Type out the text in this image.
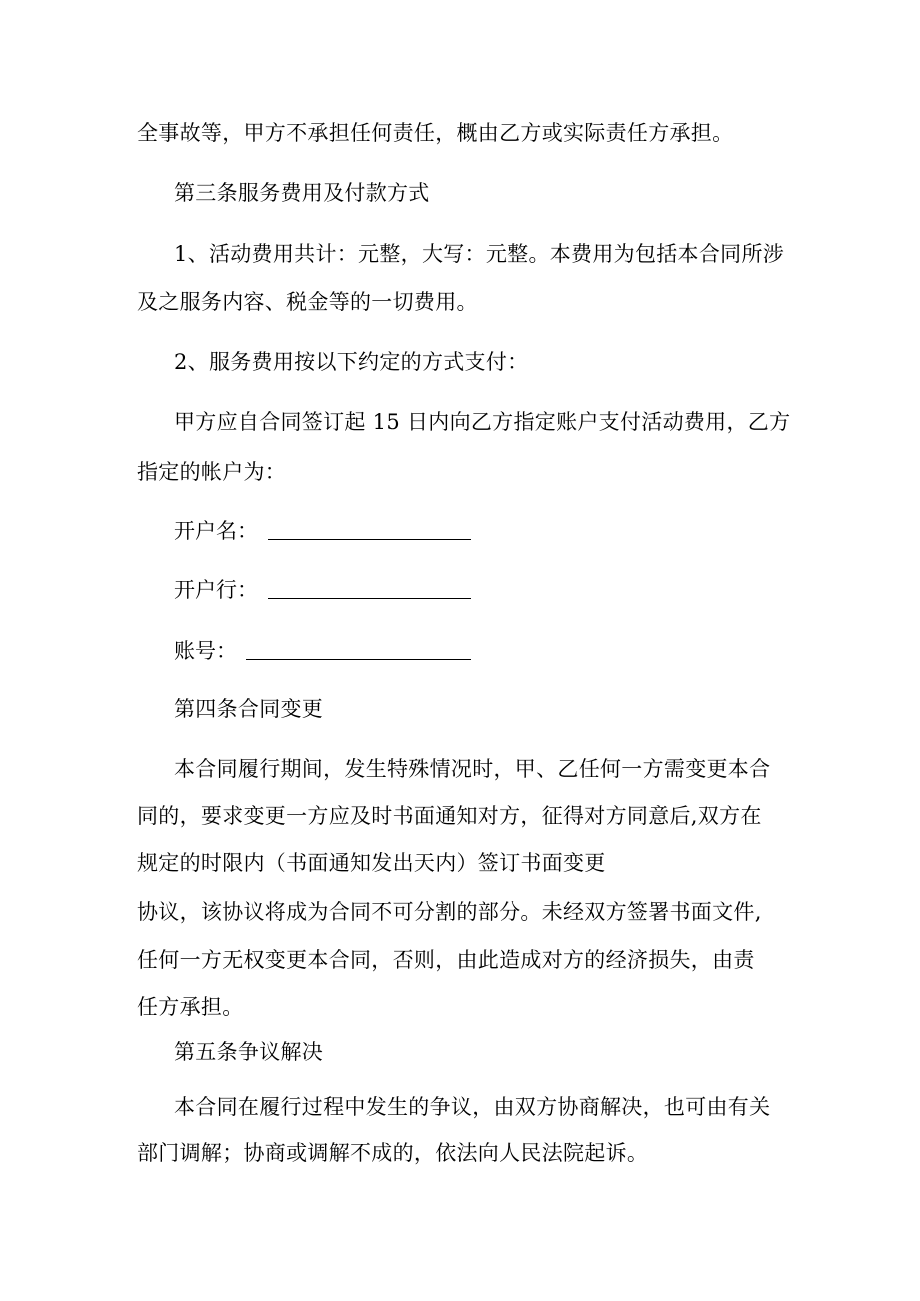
全事故等，甲方不承担任何责任，概由乙方或实际责任方承担。
第三条服务费用及付款方式
1、活动费用共计：元整，大写：元整。本费用为包括本合同所涉
及之服务内容、税金等的一切费用。
2、服务费用按以下约定的方式支付：
甲方应自合同签订起 15 日内向乙方指定账户支付活动费用，乙方
指定的帐户为：
开户名：
开户行：
账号：
第四条合同变更
本合同履行期间，发生特殊情况时，甲、乙任何一方需变更本合
同的，要求变更一方应及时书面通知对方，征得对方同意后,双方在
规定的时限内（书面通知发出天内）签订书面变更
协议，该协议将成为合同不可分割的部分。未经双方签署书面文件,
任何一方无权变更本合同，否则，由此造成对方的经济损失，由责
任方承担。
第五条争议解决
本合同在履行过程中发生的争议，由双方协商解决，也可由有关
部门调解；协商或调解不成的，依法向人民法院起诉。
